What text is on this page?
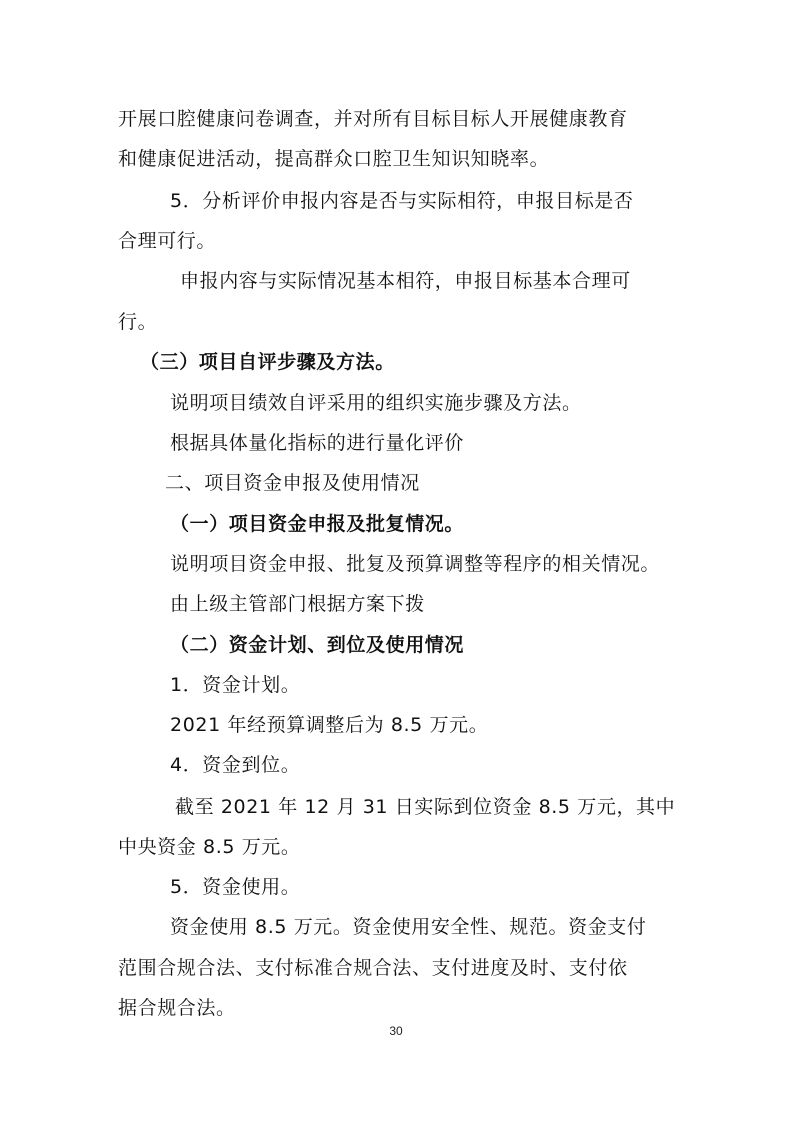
开展口腔健康问卷调查，并对所有目标目标人开展健康教育

和健康促进活动，提高群众口腔卫生知识知晓率。

5．分析评价申报内容是否与实际相符，申报目标是否

合理可行。

申报内容与实际情况基本相符，申报目标基本合理可

行。

（三）项目自评步骤及方法。

说明项目绩效自评采用的组织实施步骤及方法。

根据具体量化指标的进行量化评价

二、项目资金申报及使用情况

（一）项目资金申报及批复情况。

说明项目资金申报、批复及预算调整等程序的相关情况。

由上级主管部门根据方案下拨

（二）资金计划、到位及使用情况

1．资金计划。

2021 年经预算调整后为 8.5 万元。

4．资金到位。

截至 2021 年 12 月 31 日实际到位资金 8.5 万元，其中

中央资金 8.5 万元。

5．资金使用。

资金使用 8.5 万元。资金使用安全性、规范。资金支付

范围合规合法、支付标准合规合法、支付进度及时、支付依

据合规合法。

30
